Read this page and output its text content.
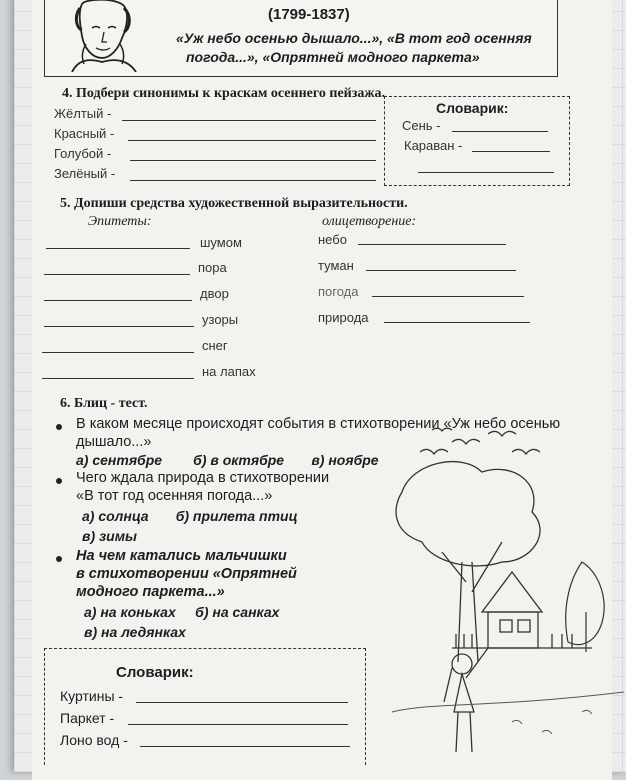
(1799-1837)
«Уж небо осенью дышало...», «В тот год осенняя
погода...», «Опрятней модного паркета»
4. Подбери синонимы к краскам осеннего пейзажа.
Жёлтый -
Красный -
Голубой -
Зелёный -
Словарик:
Сень -
Караван -
5. Допиши средства художественной выразительности.
Эпитеты:	олицетворение:
шумом
пора
двор
узоры
снег
на лапах
небо
туман
погода
природа
6. Блиц - тест.
В каком месяце происходят события в стихотворении «Уж небо осенью
дышало...»
а) сентябре        б) в октябре       в) ноябре
Чего ждала природа в стихотворении
«В тот год осенняя погода...»
а) солнца       б) прилета птиц
в) зимы
На чем катались мальчишки
в стихотворении «Опрятней
модного паркета...»
а) на коньках     б) на санках
в) на ледянках
Словарик:
Куртины -
Паркет -
Лоно вод -
